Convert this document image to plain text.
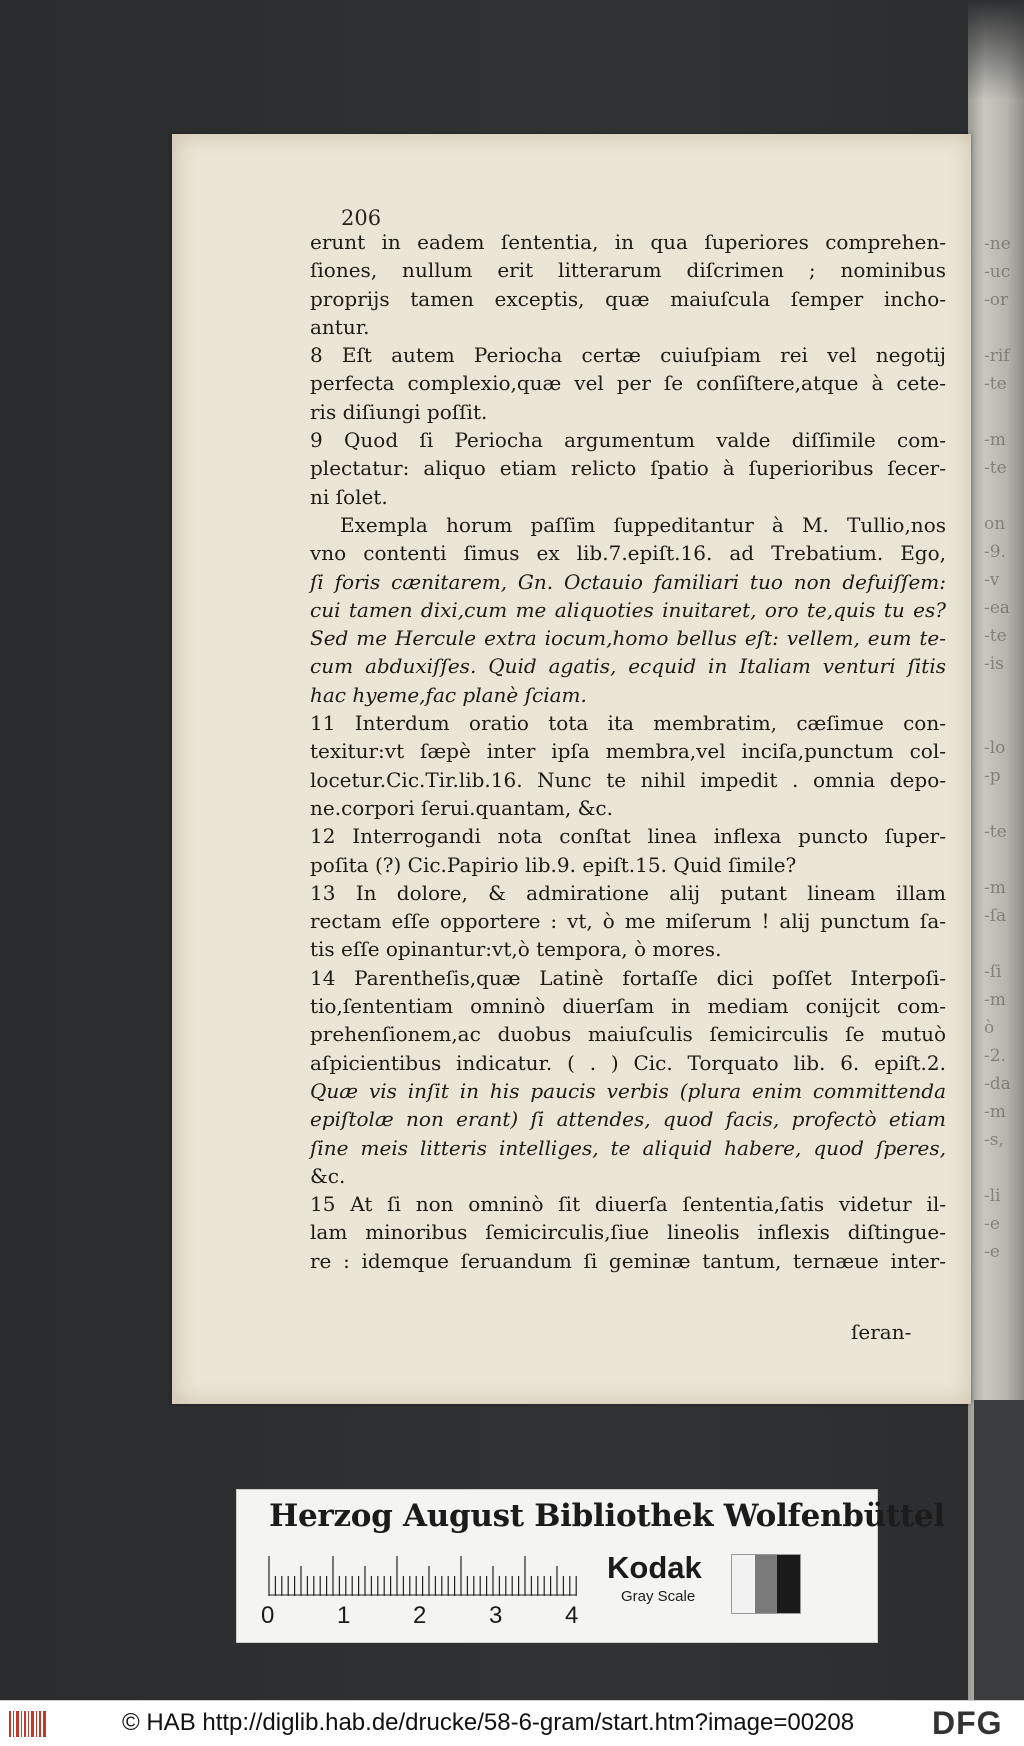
-ne
-uc
-or
-rif
-te
-m
-te
on
-9.
-v
-ea
-te
-is
-lo
-p
-te
-m
-ſa
-ſi
-m
ò
-2.
-da
-m
-s,
-li
-e
-e
206
erunt in eadem ſententia, in qua ſuperiores comprehen-
ſiones, nullum erit litterarum diſcrimen ; nominibus
proprijs tamen exceptis, quæ maiuſcula ſemper incho-
antur.
8 Eſt autem Periocha certæ cuiuſpiam rei vel negotij
perfecta complexio,quæ vel per ſe conſiſtere,atque à cete-
ris diſiungi poſſit.
9 Quod ſi Periocha argumentum valde diſſimile com-
plectatur: aliquo etiam relicto ſpatio à ſuperioribus ſecer-
ni ſolet.
Exempla horum paſſim ſuppeditantur à M. Tullio,nos
vno contenti ſimus ex lib.7.epiſt.16. ad Trebatium. Ego,
ſi foris cænitarem, Gn. Octauio familiari tuo non defuiſſem:
cui tamen dixi,cum me aliquoties inuitaret, oro te,quis tu es?
Sed me Hercule extra iocum,homo bellus eſt: vellem, eum te-
cum abduxiſſes. Quid agatis, ecquid in Italiam venturi ſitis
hac hyeme,fac planè ſciam.
11 Interdum oratio tota ita membratim, cæſimue con-
texitur:vt ſæpè inter ipſa membra,vel inciſa,punctum col-
locetur.Cic.Tir.lib.16. Nunc te nihil impedit . omnia depo-
ne.corpori ſerui.quantam, &c.
12 Interrogandi nota conſtat linea inflexa puncto ſuper-
poſita (?) Cic.Papirio lib.9. epiſt.15. Quid ſimile?
13 In dolore, & admiratione alij putant lineam illam
rectam eſſe opportere : vt, ò me miſerum ! alij punctum ſa-
tis eſſe opinantur:vt,ò tempora, ò mores.
14 Parentheſis,quæ Latinè fortaſſe dici poſſet Interpoſi-
tio,ſententiam omninò diuerſam in mediam conijcit com-
prehenſionem,ac duobus maiuſculis ſemicirculis ſe mutuò
aſpicientibus indicatur. ( . ) Cic. Torquato lib. 6. epiſt.2.
Quæ vis inſit in his paucis verbis (plura enim committenda
epiſtolæ non erant) ſi attendes, quod facis, profectò etiam
ſine meis litteris intelliges, te aliquid habere, quod ſperes,
&c.
15 At ſi non omninò ſit diuerſa ſententia,ſatis videtur il-
lam minoribus ſemicirculis,ſiue lineolis inflexis diſtingue-
re : idemque ſeruandum ſi geminæ tantum, ternæue inter-
ſeran-
Herzog August Bibliothek Wolfenbüttel
0	1	2	3	4
Kodak
Gray Scale
© HAB http://diglib.hab.de/drucke/58-6-gram/start.htm?image=00208 DFG
